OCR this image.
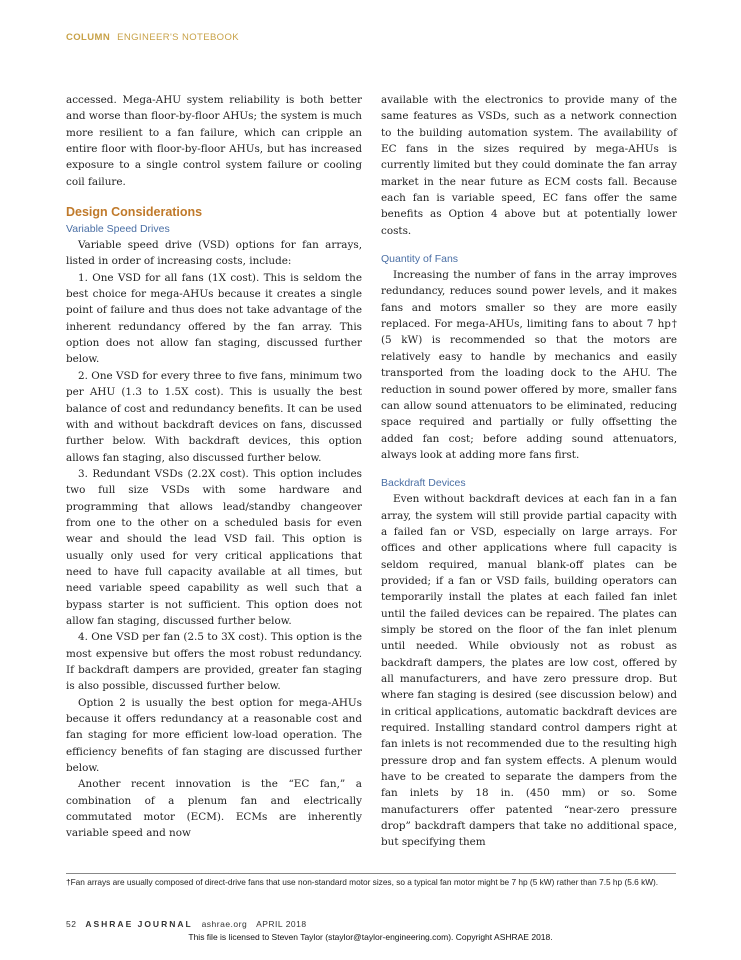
COLUMN ENGINEER'S NOTEBOOK

accessed. Mega-AHU system reliability is both better and worse than floor-by-floor AHUs; the system is much more resilient to a fan failure, which can cripple an entire floor with floor-by-floor AHUs, but has increased exposure to a single control system failure or cooling coil failure.

Design Considerations
Variable Speed Drives

Variable speed drive (VSD) options for fan arrays, listed in order of increasing costs, include:

1. One VSD for all fans (1X cost). This is seldom the best choice for mega-AHUs because it creates a single point of failure and thus does not take advantage of the inherent redundancy offered by the fan array. This option does not allow fan staging, discussed further below.

2. One VSD for every three to five fans, minimum two per AHU (1.3 to 1.5X cost). This is usually the best balance of cost and redundancy benefits. It can be used with and without backdraft devices on fans, discussed further below. With backdraft devices, this option allows fan staging, also discussed further below.

3. Redundant VSDs (2.2X cost). This option includes two full size VSDs with some hardware and programming that allows lead/standby changeover from one to the other on a scheduled basis for even wear and should the lead VSD fail. This option is usually only used for very critical applications that need to have full capacity available at all times, but need variable speed capability as well such that a bypass starter is not sufficient. This option does not allow fan staging, discussed further below.

4. One VSD per fan (2.5 to 3X cost). This option is the most expensive but offers the most robust redundancy. If backdraft dampers are provided, greater fan staging is also possible, discussed further below.

Option 2 is usually the best option for mega-AHUs because it offers redundancy at a reasonable cost and fan staging for more efficient low-load operation. The efficiency benefits of fan staging are discussed further below.

Another recent innovation is the “EC fan,” a combination of a plenum fan and electrically commutated motor (ECM). ECMs are inherently variable speed and now

available with the electronics to provide many of the same features as VSDs, such as a network connection to the building automation system. The availability of EC fans in the sizes required by mega-AHUs is currently limited but they could dominate the fan array market in the near future as ECM costs fall. Because each fan is variable speed, EC fans offer the same benefits as Option 4 above but at potentially lower costs.

Quantity of Fans

Increasing the number of fans in the array improves redundancy, reduces sound power levels, and it makes fans and motors smaller so they are more easily replaced. For mega-AHUs, limiting fans to about 7 hp† (5 kW) is recommended so that the motors are relatively easy to handle by mechanics and easily transported from the loading dock to the AHU. The reduction in sound power offered by more, smaller fans can allow sound attenuators to be eliminated, reducing space required and partially or fully offsetting the added fan cost; before adding sound attenuators, always look at adding more fans first.

Backdraft Devices

Even without backdraft devices at each fan in a fan array, the system will still provide partial capacity with a failed fan or VSD, especially on large arrays. For offices and other applications where full capacity is seldom required, manual blank-off plates can be provided; if a fan or VSD fails, building operators can temporarily install the plates at each failed fan inlet until the failed devices can be repaired. The plates can simply be stored on the floor of the fan inlet plenum until needed. While obviously not as robust as backdraft dampers, the plates are low cost, offered by all manufacturers, and have zero pressure drop. But where fan staging is desired (see discussion below) and in critical applications, automatic backdraft devices are required. Installing standard control dampers right at fan inlets is not recommended due to the resulting high pressure drop and fan system effects. A plenum would have to be created to separate the dampers from the fan inlets by 18 in. (450 mm) or so. Some manufacturers offer patented “near-zero pressure drop” backdraft dampers that take no additional space, but specifying them

†Fan arrays are usually composed of direct-drive fans that use non-standard motor sizes, so a typical fan motor might be 7 hp (5 kW) rather than 7.5 hp (5.6 kW).
52 ASHRAE JOURNAL ashrae.org APRIL 2018
This file is licensed to Steven Taylor (staylor@taylor-engineering.com). Copyright ASHRAE 2018.
